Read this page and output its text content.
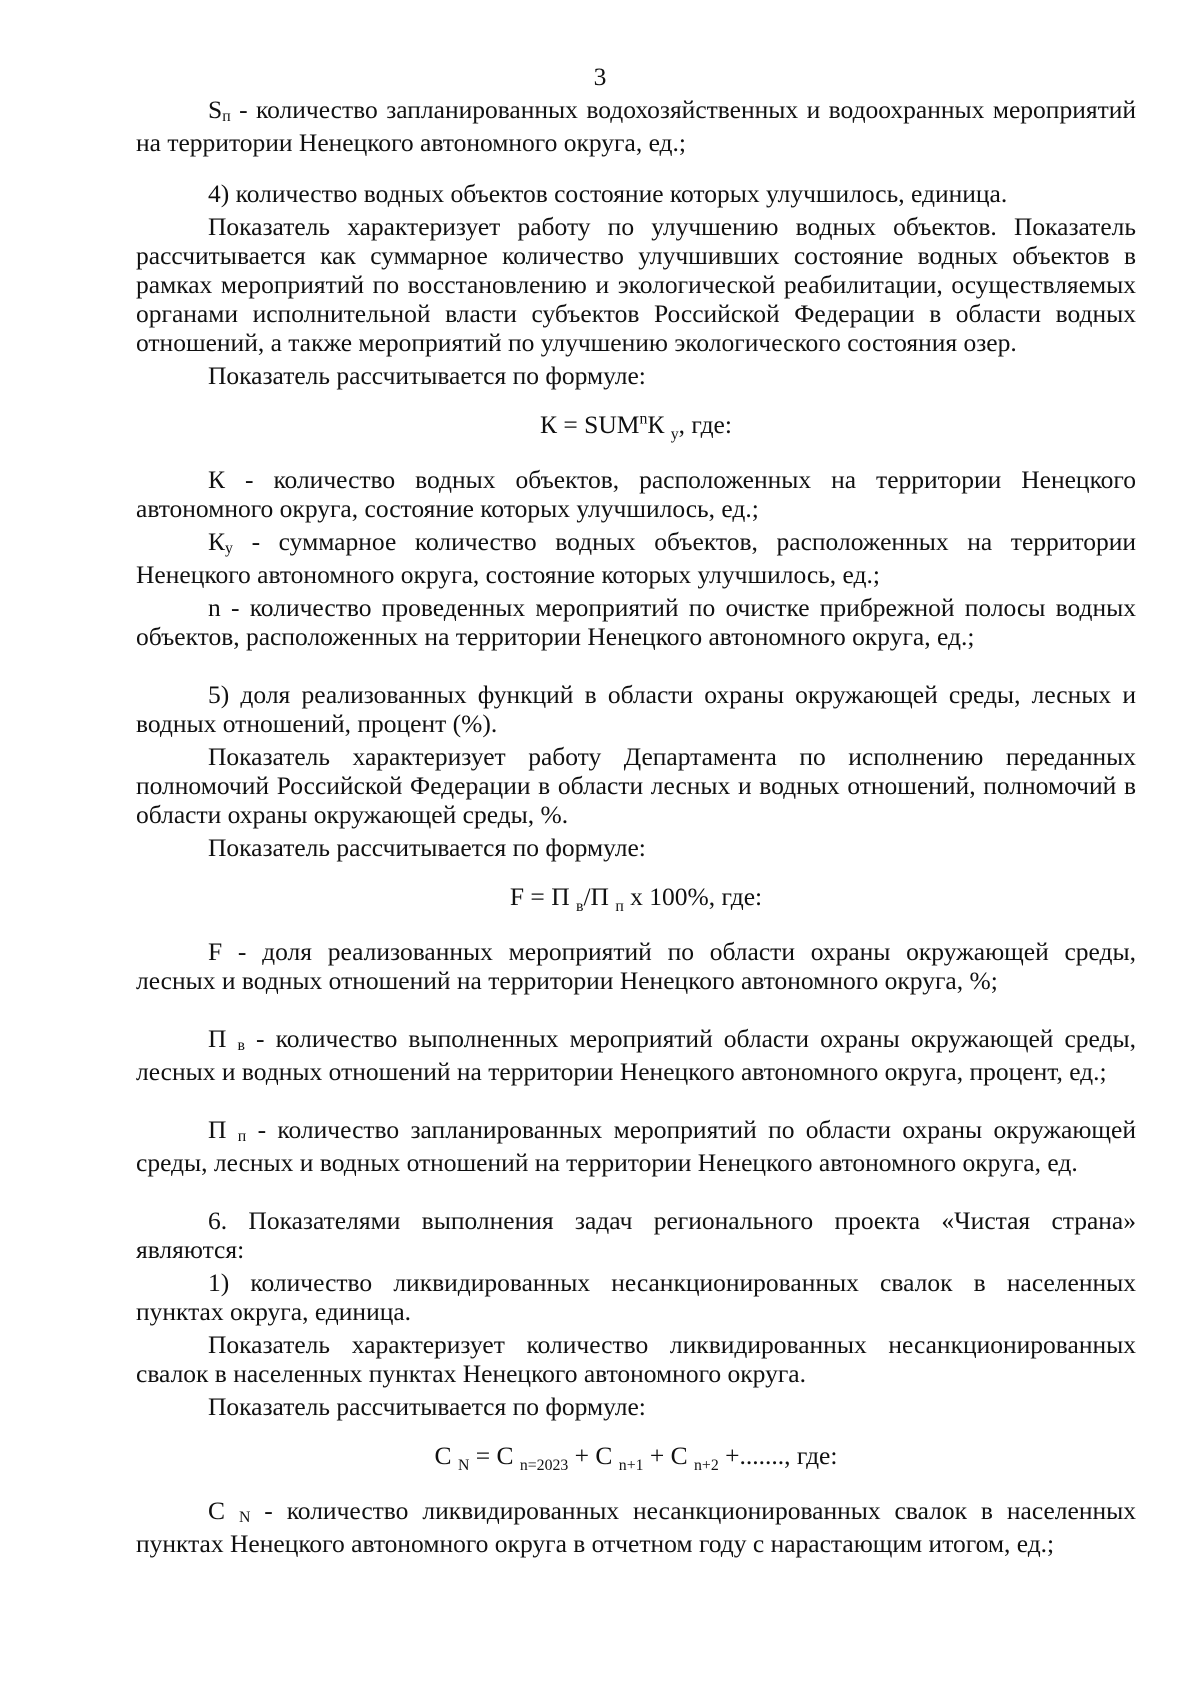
3

Sп - количество запланированных водохозяйственных и водоохранных мероприятий на территории Ненецкого автономного округа, ед.;

4) количество водных объектов состояние которых улучшилось, единица.

Показатель характеризует работу по улучшению водных объектов. Показатель рассчитывается как суммарное количество улучшивших состояние водных объектов в рамках мероприятий по восстановлению и экологической реабилитации, осуществляемых органами исполнительной власти субъектов Российской Федерации в области водных отношений, а также мероприятий по улучшению экологического состояния озер.

Показатель рассчитывается по формуле:

$К = SUM^nК$ $_у$, где:

К - количество водных объектов, расположенных на территории Ненецкого автономного округа, состояние которых улучшилось, ед.;

Ку - суммарное количество водных объектов, расположенных на территории Ненецкого автономного округа, состояние которых улучшилось, ед.;

n - количество проведенных мероприятий по очистке прибрежной полосы водных объектов, расположенных на территории Ненецкого автономного округа, ед.;

5) доля реализованных функций в области охраны окружающей среды, лесных и водных отношений, процент (%).

Показатель характеризует работу Департамента по исполнению переданных полномочий Российской Федерации в области лесных и водных отношений, полномочий в области охраны окружающей среды, %.

Показатель рассчитывается по формуле:

F = П $_в$/П $_п$ х 100%, где:

F - доля реализованных мероприятий по области охраны окружающей среды, лесных и водных отношений на территории Ненецкого автономного округа, %;

П в - количество выполненных мероприятий области охраны окружающей среды, лесных и водных отношений на территории Ненецкого автономного округа, процент, ед.;

П п - количество запланированных мероприятий по области охраны окружающей среды, лесных и водных отношений на территории Ненецкого автономного округа, ед.

6. Показателями выполнения задач регионального проекта «Чистая страна» являются:

1) количество ликвидированных несанкционированных свалок в населенных пунктах округа, единица.

Показатель характеризует количество ликвидированных несанкционированных свалок в населенных пунктах Ненецкого автономного округа.

Показатель рассчитывается по формуле:

С $_N$ = С $_{n=2023}$ + С $_{n+1}$ + С $_{n+2}$ +......., где:

С N - количество ликвидированных несанкционированных свалок в населенных пунктах Ненецкого автономного округа в отчетном году с нарастающим итогом, ед.;
